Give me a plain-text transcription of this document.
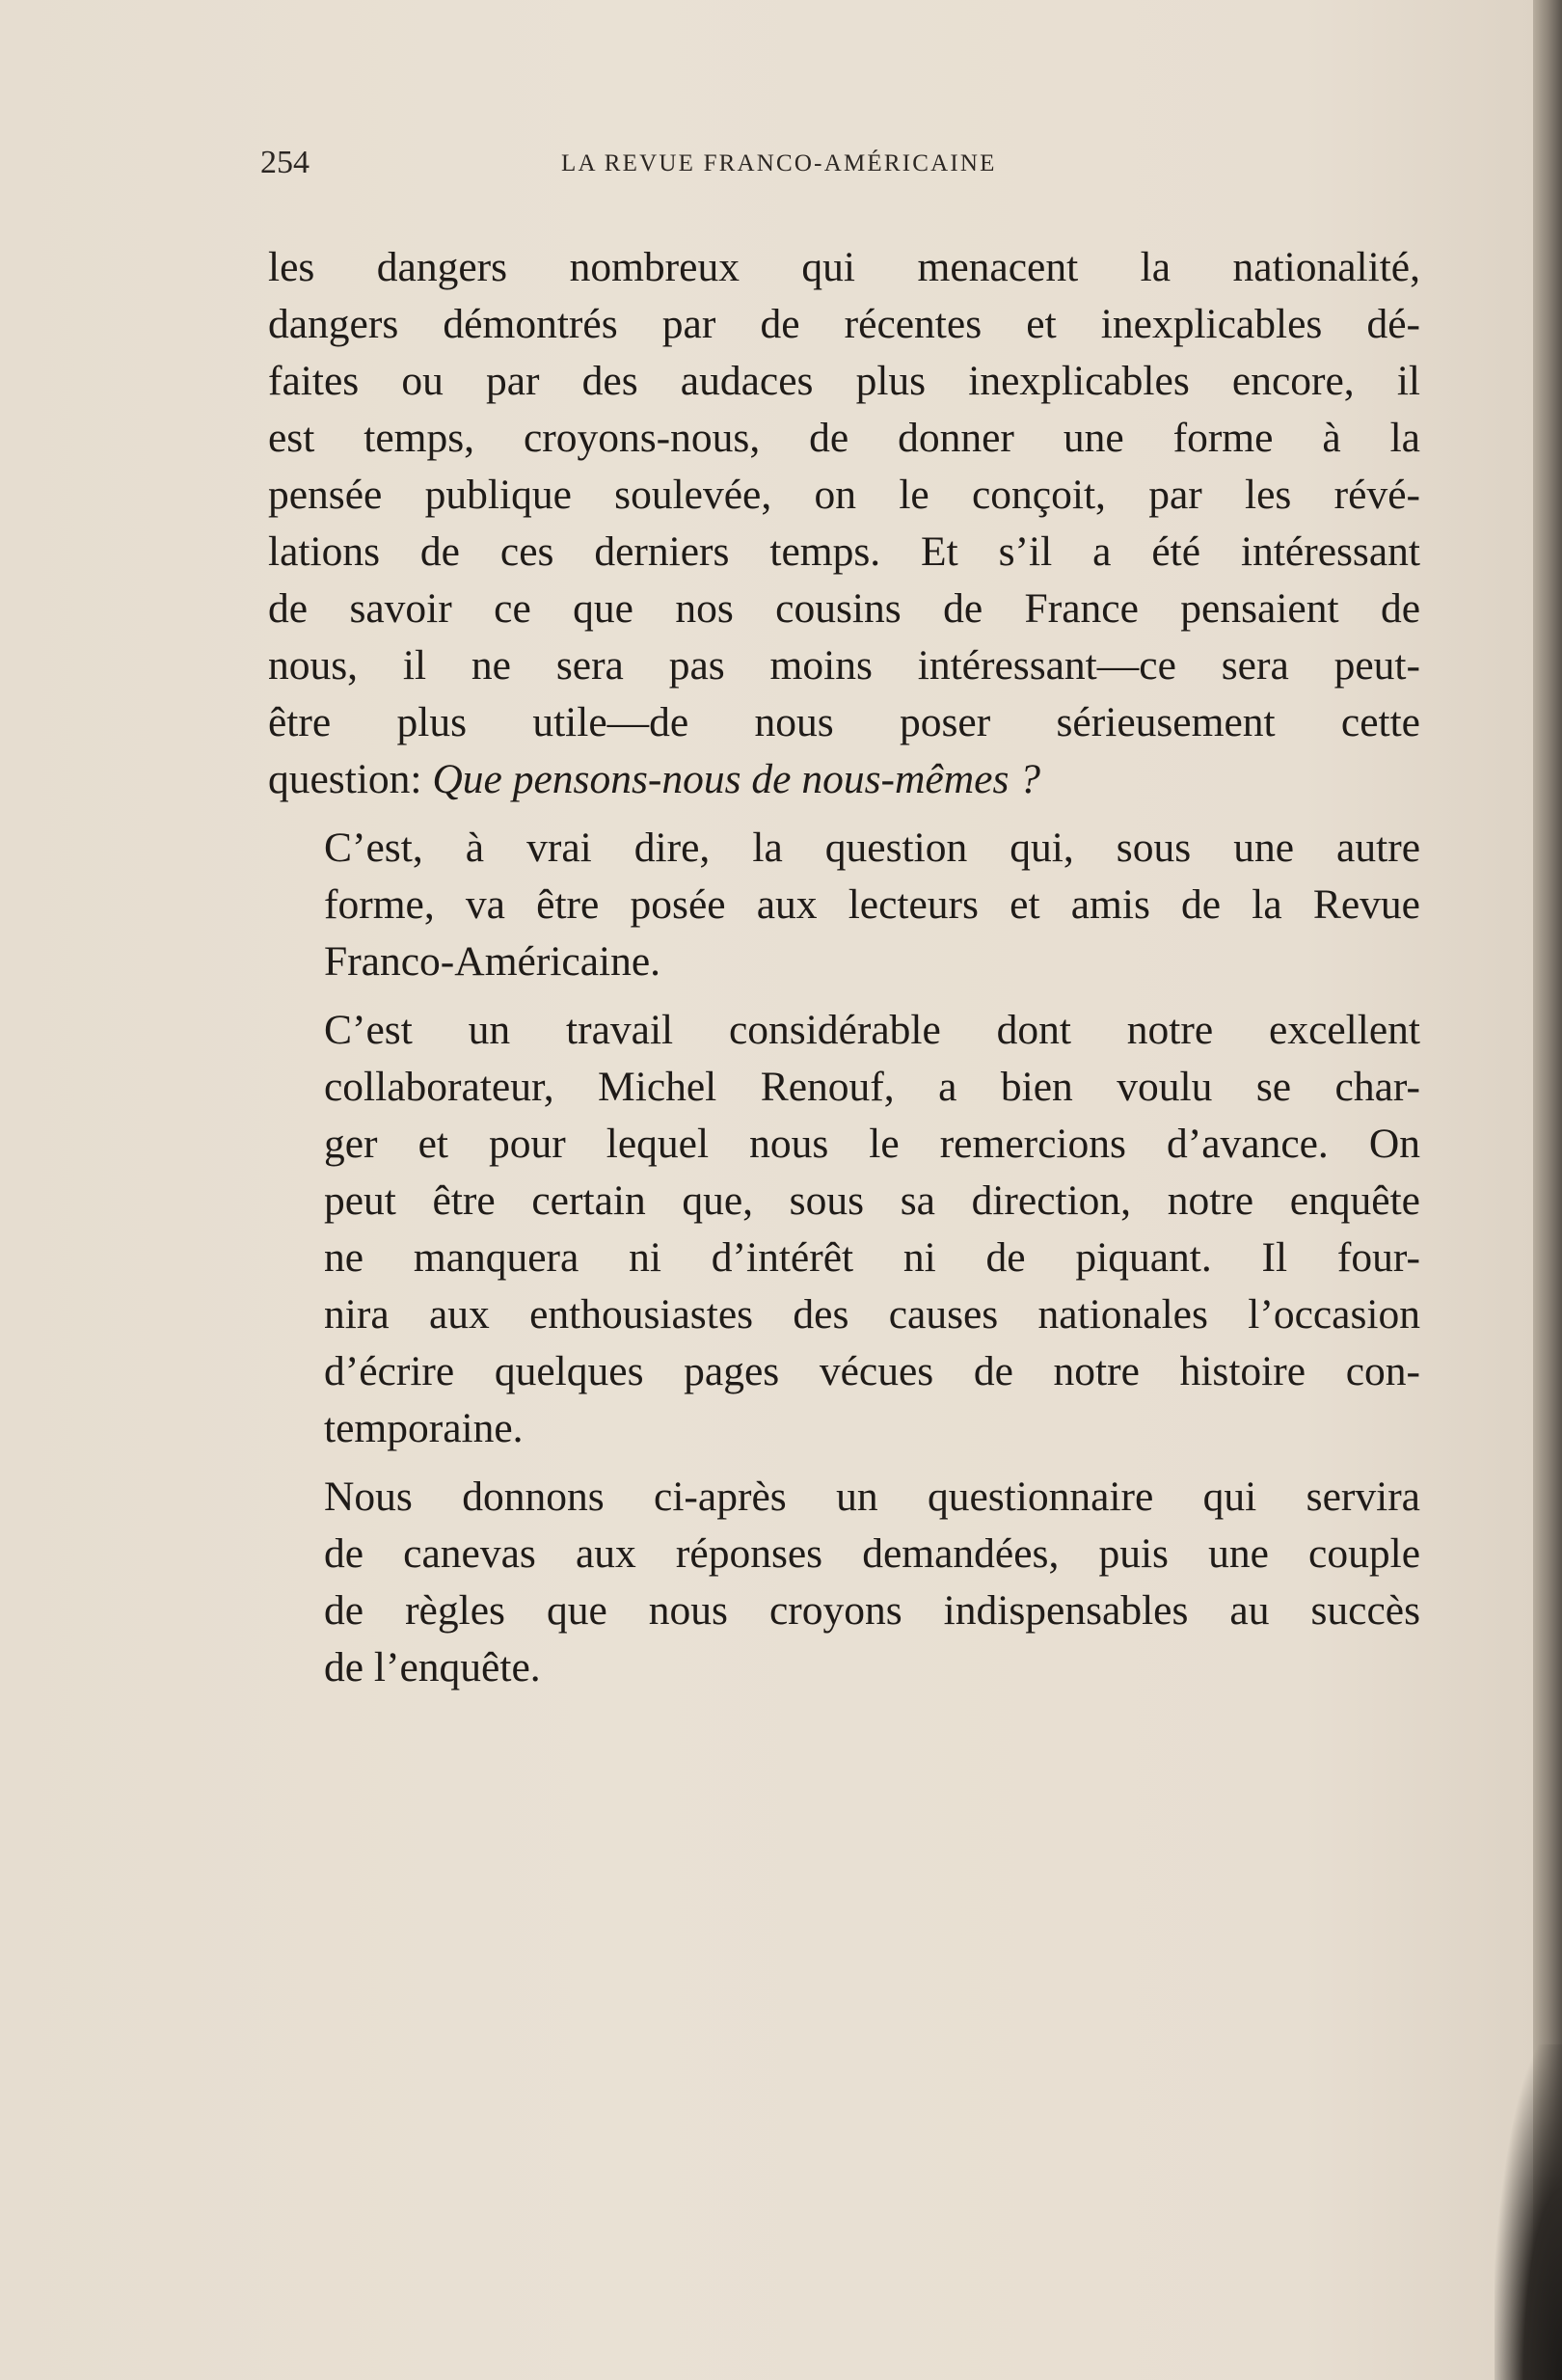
254	LA REVUE FRANCO-AMÉRICAINE

les dangers nombreux qui menacent la nationalité,
dangers démontrés par de récentes et inexplicables dé-
faites ou par des audaces plus inexplicables encore, il
est temps, croyons-nous, de donner une forme à la
pensée publique soulevée, on le conçoit, par les révé-
lations de ces derniers temps. Et s’il a été intéressant
de savoir ce que nos cousins de France pensaient de
nous, il ne sera pas moins intéressant—ce sera peut-
être plus utile—de nous poser sérieusement cette
question: Que pensons-nous de nous-mêmes ?

C’est, à vrai dire, la question qui, sous une autre
forme, va être posée aux lecteurs et amis de la Revue
Franco-Américaine.

C’est un travail considérable dont notre excellent
collaborateur, Michel Renouf, a bien voulu se char-
ger et pour lequel nous le remercions d’avance. On
peut être certain que, sous sa direction, notre enquête
ne manquera ni d’intérêt ni de piquant. Il four-
nira aux enthousiastes des causes nationales l’occasion
d’écrire quelques pages vécues de notre histoire con-
temporaine.

Nous donnons ci-après un questionnaire qui servira
de canevas aux réponses demandées, puis une couple
de règles que nous croyons indispensables au succès
de l’enquête.
